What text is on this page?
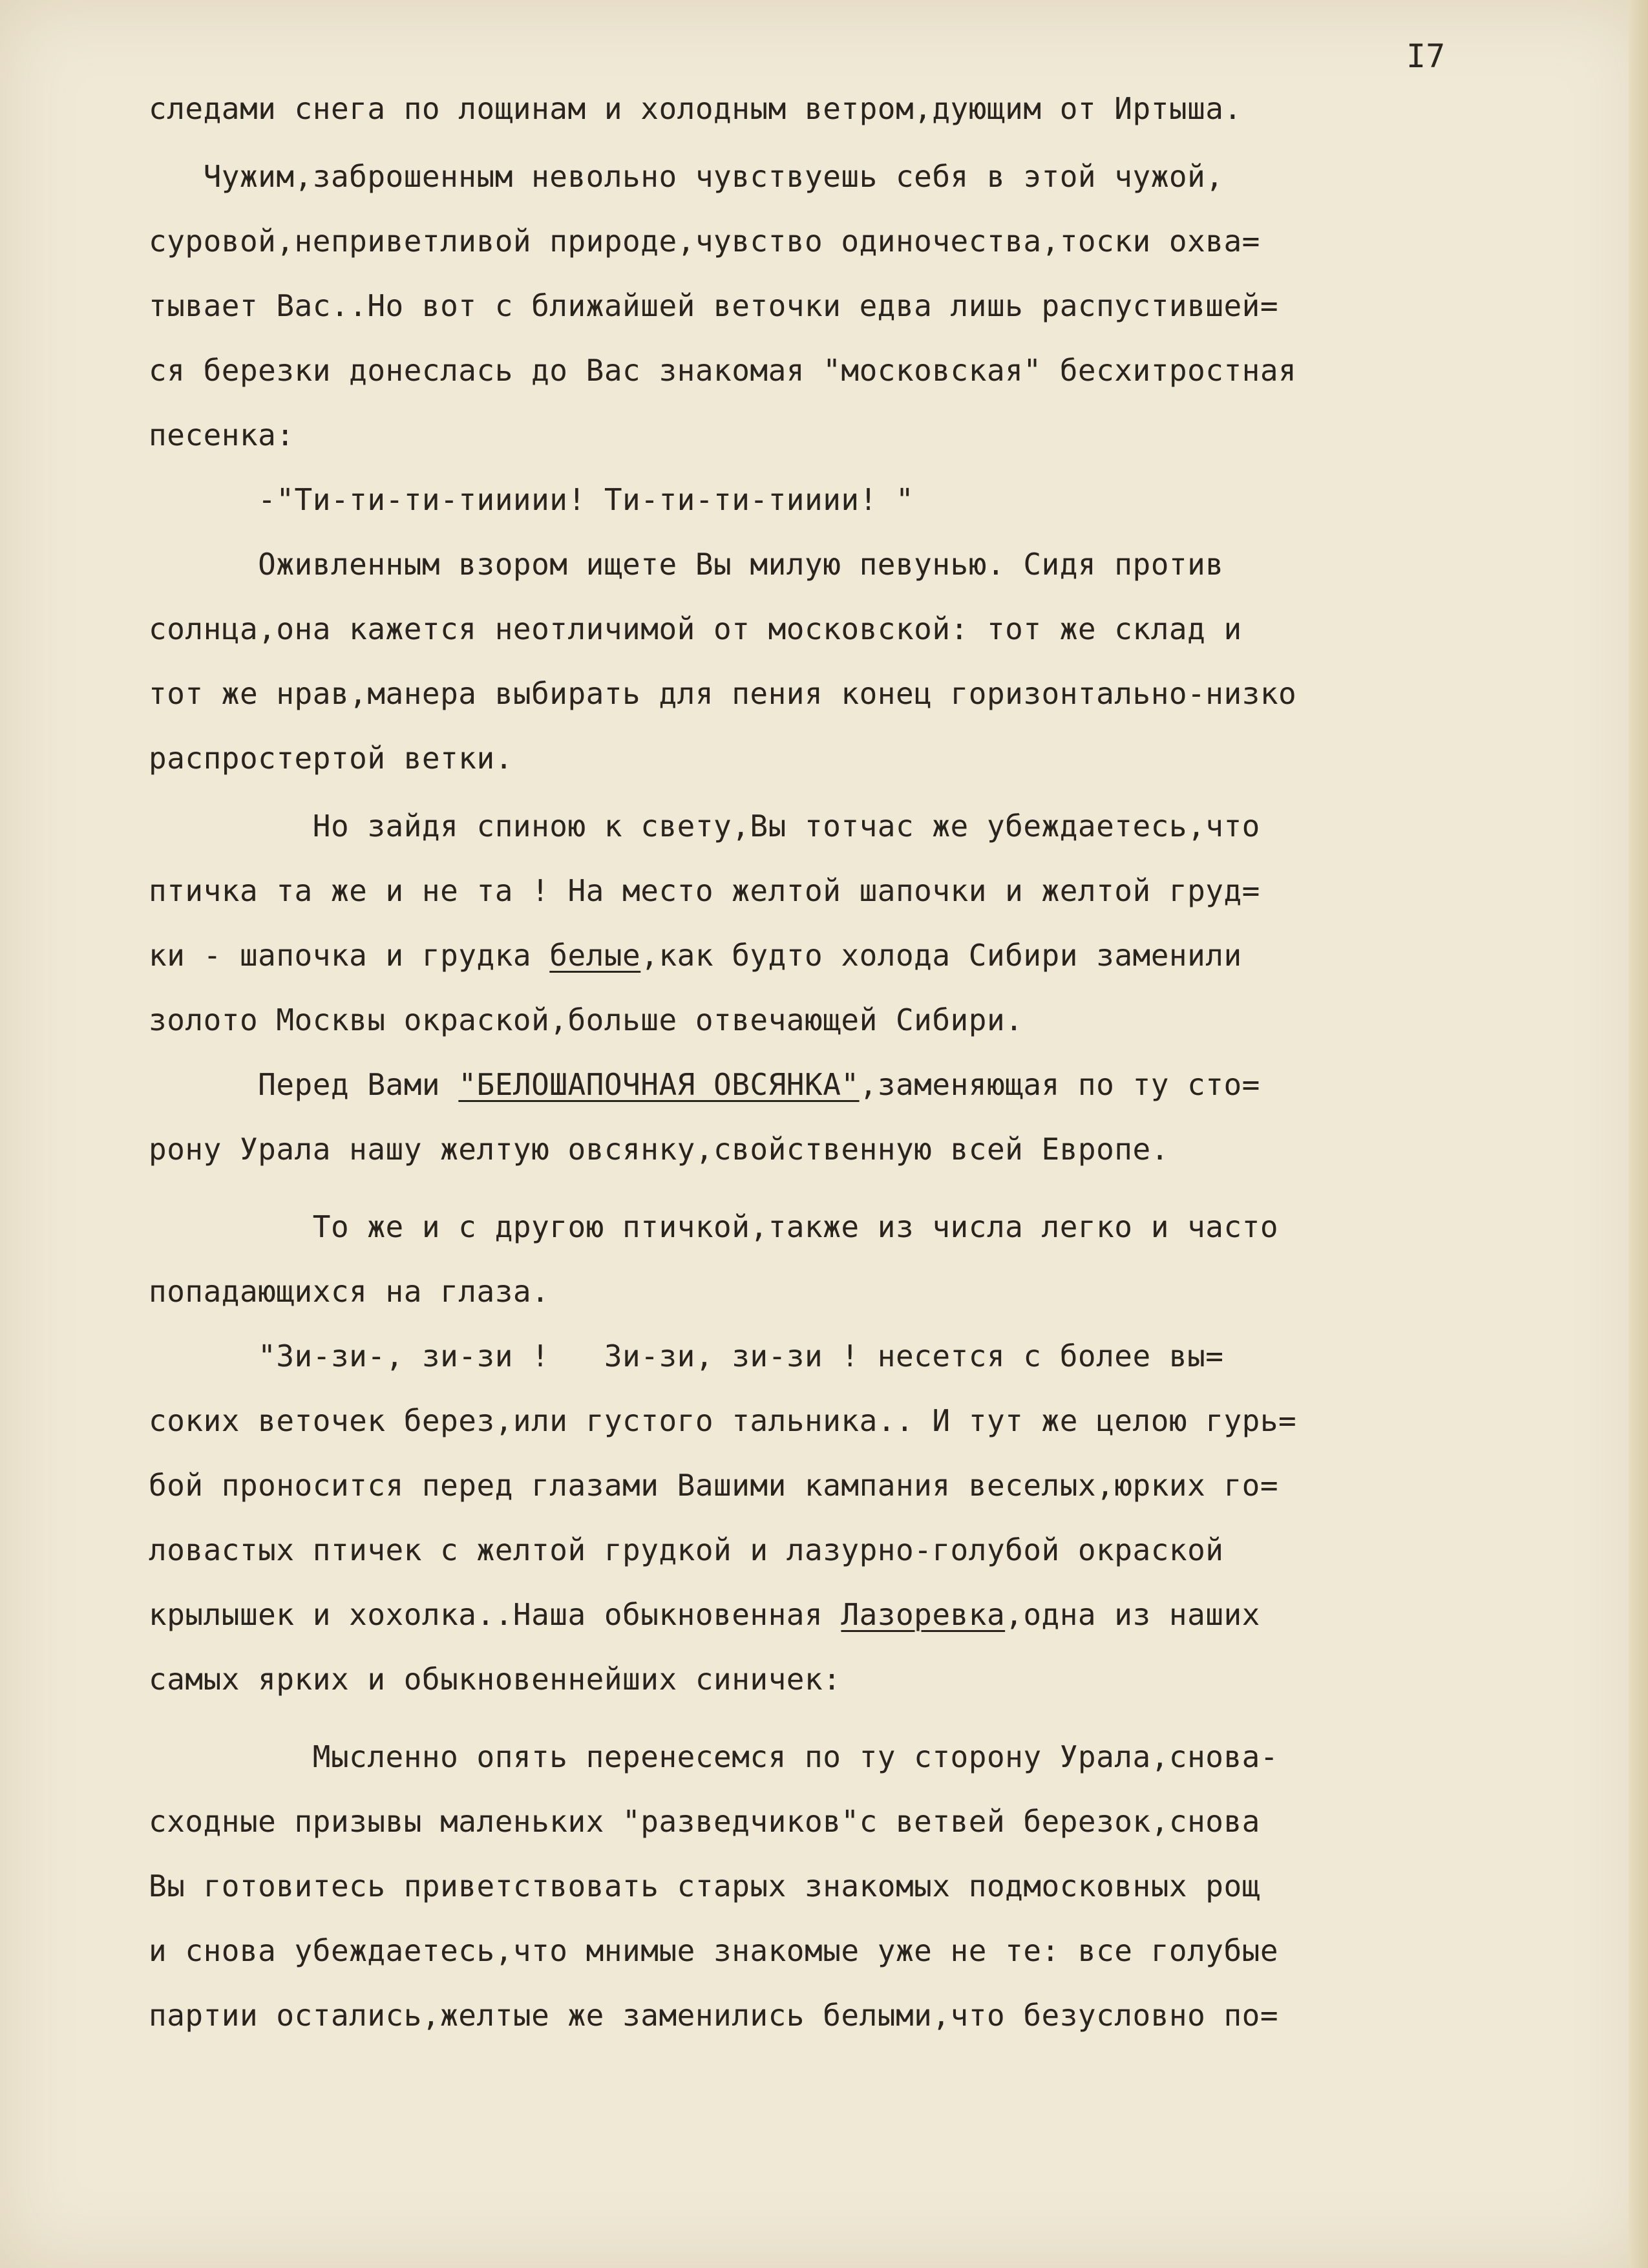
I7
следами снега по лощинам и холодным ветром,дующим от Иртыша.
Чужим,заброшенным невольно чувствуешь себя в этой чужой,
суровой,неприветливой природе,чувство одиночества,тоски охва=
тывает Вас..Но вот с ближайшей веточки едва лишь распустившей=
ся березки донеслась до Вас знакомая "московская" бесхитростная
песенка:
-"Ти-ти-ти-тиииии! Ти-ти-ти-тииии! "
Оживленным взором ищете Вы милую певунью. Сидя против
солнца,она кажется неотличимой от московской: тот же склад и
тот же нрав,манера выбирать для пения конец горизонтально-низко
распростертой ветки.
Но зайдя спиною к свету,Вы тотчас же убеждаетесь,что
птичка та же и не та ! На место желтой шапочки и желтой груд=
ки - шапочка и грудка белые,как будто холода Сибири заменили
золото Москвы окраской,больше отвечающей Сибири.
Перед Вами "БЕЛОШАПОЧНАЯ ОВСЯНКА",заменяющая по ту сто=
рону Урала нашу желтую овсянку,свойственную всей Европе.
То же и с другою птичкой,также из числа легко и часто
попадающихся на глаза.
"Зи-зи-, зи-зи !   Зи-зи, зи-зи ! несется с более вы=
соких веточек берез,или густого тальника.. И тут же целою гурь=
бой проносится перед глазами Вашими кампания веселых,юрких го=
ловастых птичек с желтой грудкой и лазурно-голубой окраской
крылышек и хохолка..Наша обыкновенная Лазоревка,одна из наших
самых ярких и обыкновеннейших синичек:
Мысленно опять перенесемся по ту сторону Урала,снова-
сходные призывы маленьких "разведчиков"с ветвей березок,снова
Вы готовитесь приветствовать старых знакомых подмосковных рощ
и снова убеждаетесь,что мнимые знакомые уже не те: все голубые
партии остались,желтые же заменились белыми,что безусловно по=
